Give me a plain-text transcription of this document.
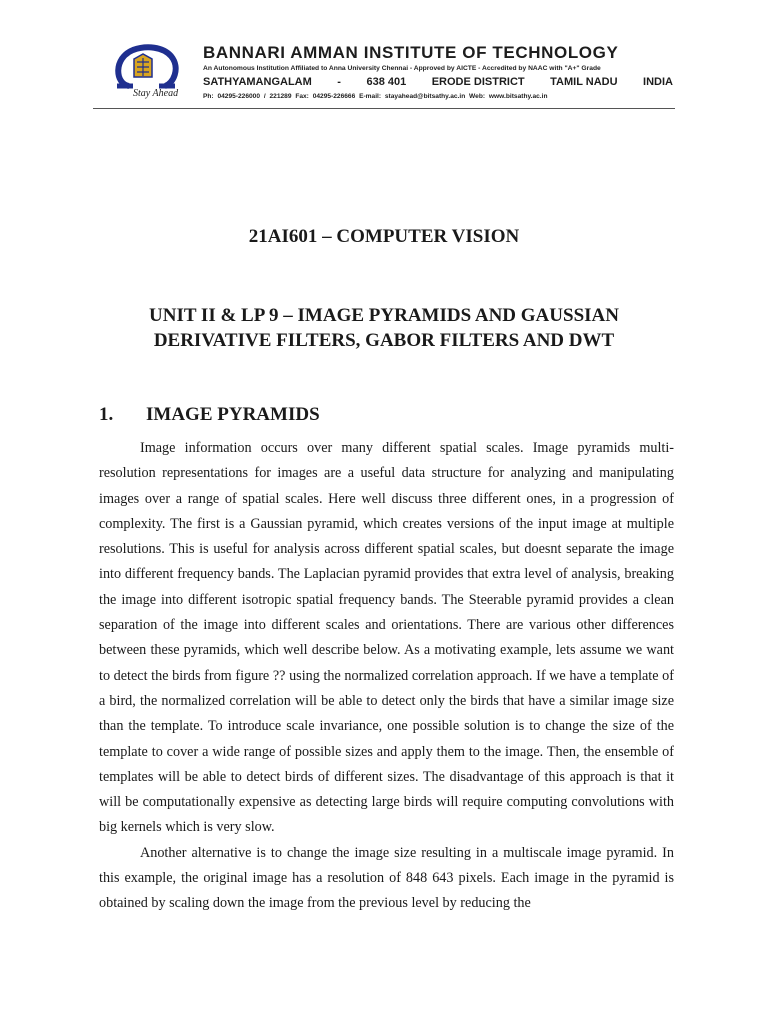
Stay Ahead
BANNARI AMMAN INSTITUTE OF TECHNOLOGY
An Autonomous Institution Affiliated to Anna University Chennai - Approved by AICTE - Accredited by NAAC with "A+" Grade
SATHYAMANGALAM - 638 401 ERODE DISTRICT TAMIL NADU INDIA
Ph: 04295-226000 / 221289 Fax: 04295-226666 E-mail: stayahead@bitsathy.ac.in Web: www.bitsathy.ac.in
21AI601 – COMPUTER VISION
UNIT II & LP 9 – IMAGE PYRAMIDS AND GAUSSIAN
DERIVATIVE FILTERS, GABOR FILTERS AND DWT
1. IMAGE PYRAMIDS

Image information occurs over many different spatial scales. Image pyramids multi-resolution representations for images are a useful data structure for analyzing and manipulating images over a range of spatial scales. Here well discuss three different ones, in a progression of complexity. The first is a Gaussian pyramid, which creates versions of the input image at multiple resolutions. This is useful for analysis across different spatial scales, but doesnt separate the image into different frequency bands. The Laplacian pyramid provides that extra level of analysis, breaking the image into different isotropic spatial frequency bands. The Steerable pyramid provides a clean separation of the image into different scales and orientations. There are various other differences between these pyramids, which well describe below. As a motivating example, lets assume we want to detect the birds from figure ?? using the normalized correlation approach. If we have a template of a bird, the normalized correlation will be able to detect only the birds that have a similar image size than the template. To introduce scale invariance, one possible solution is to change the size of the template to cover a wide range of possible sizes and apply them to the image. Then, the ensemble of templates will be able to detect birds of different sizes. The disadvantage of this approach is that it will be computationally expensive as detecting large birds will require computing convolutions with big kernels which is very slow.

Another alternative is to change the image size resulting in a multiscale image pyramid. In this example, the original image has a resolution of 848 643 pixels. Each image in the pyramid is obtained by scaling down the image from the previous level by reducing the
